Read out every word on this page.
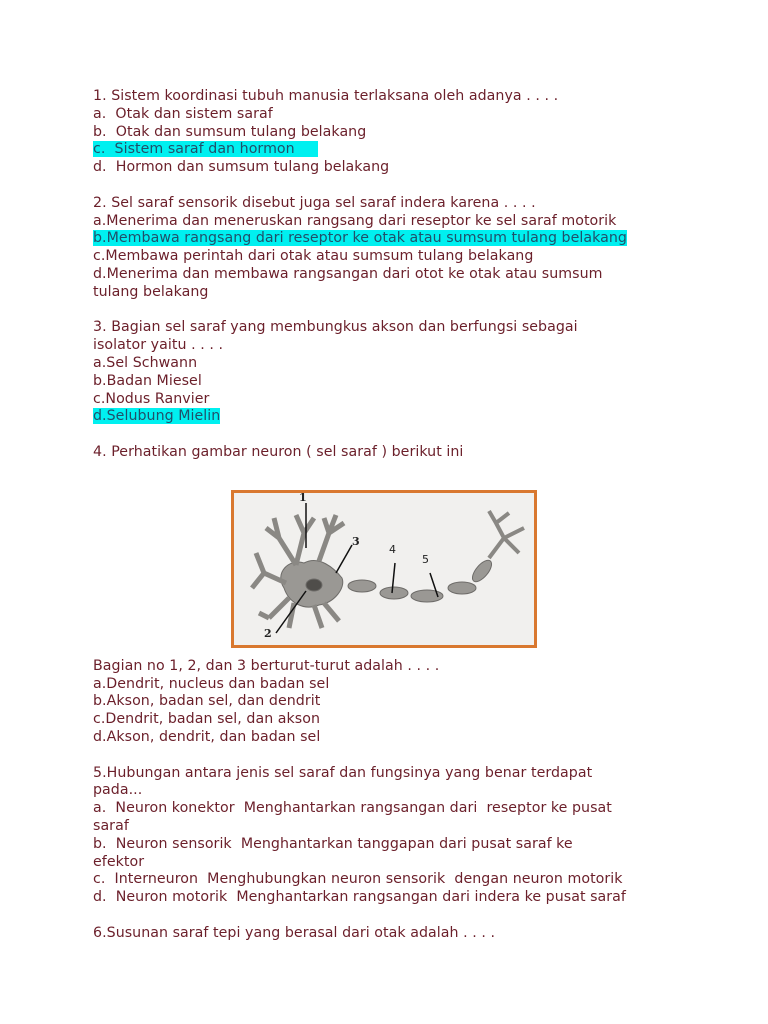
1. Sistem koordinasi tubuh manusia terlaksana oleh adanya . . . .
a.  Otak dan sistem saraf
b.  Otak dan sumsum tulang belakang
c.  Sistem saraf dan hormon
d.  Hormon dan sumsum tulang belakang
2. Sel saraf sensorik disebut juga sel saraf indera karena . . . .
a.Menerima dan meneruskan rangsang dari reseptor ke sel saraf motorik
b.Membawa rangsang dari reseptor ke otak atau sumsum tulang belakang
c.Membawa perintah dari otak atau sumsum tulang belakang
d.Menerima dan membawa rangsangan dari otot ke otak atau sumsum
tulang belakang
3. Bagian sel saraf yang membungkus akson dan berfungsi sebagai
isolator yaitu . . . .
a.Sel Schwann
b.Badan Miesel
c.Nodus Ranvier
d.Selubung Mielin
4. Perhatikan gambar neuron ( sel saraf ) berikut ini
1
2
3
4
5
Bagian no 1, 2, dan 3 berturut-turut adalah . . . .
a.Dendrit, nucleus dan badan sel
b.Akson, badan sel, dan dendrit
c.Dendrit, badan sel, dan akson
d.Akson, dendrit, dan badan sel
5.Hubungan antara jenis sel saraf dan fungsinya yang benar terdapat
pada...
a.  Neuron konektor  Menghantarkan rangsangan dari  reseptor ke pusat
saraf
b.  Neuron sensorik  Menghantarkan tanggapan dari pusat saraf ke
efektor
c.  Interneuron  Menghubungkan neuron sensorik  dengan neuron motorik
d.  Neuron motorik  Menghantarkan rangsangan dari indera ke pusat saraf
6.Susunan saraf tepi yang berasal dari otak adalah . . . .
